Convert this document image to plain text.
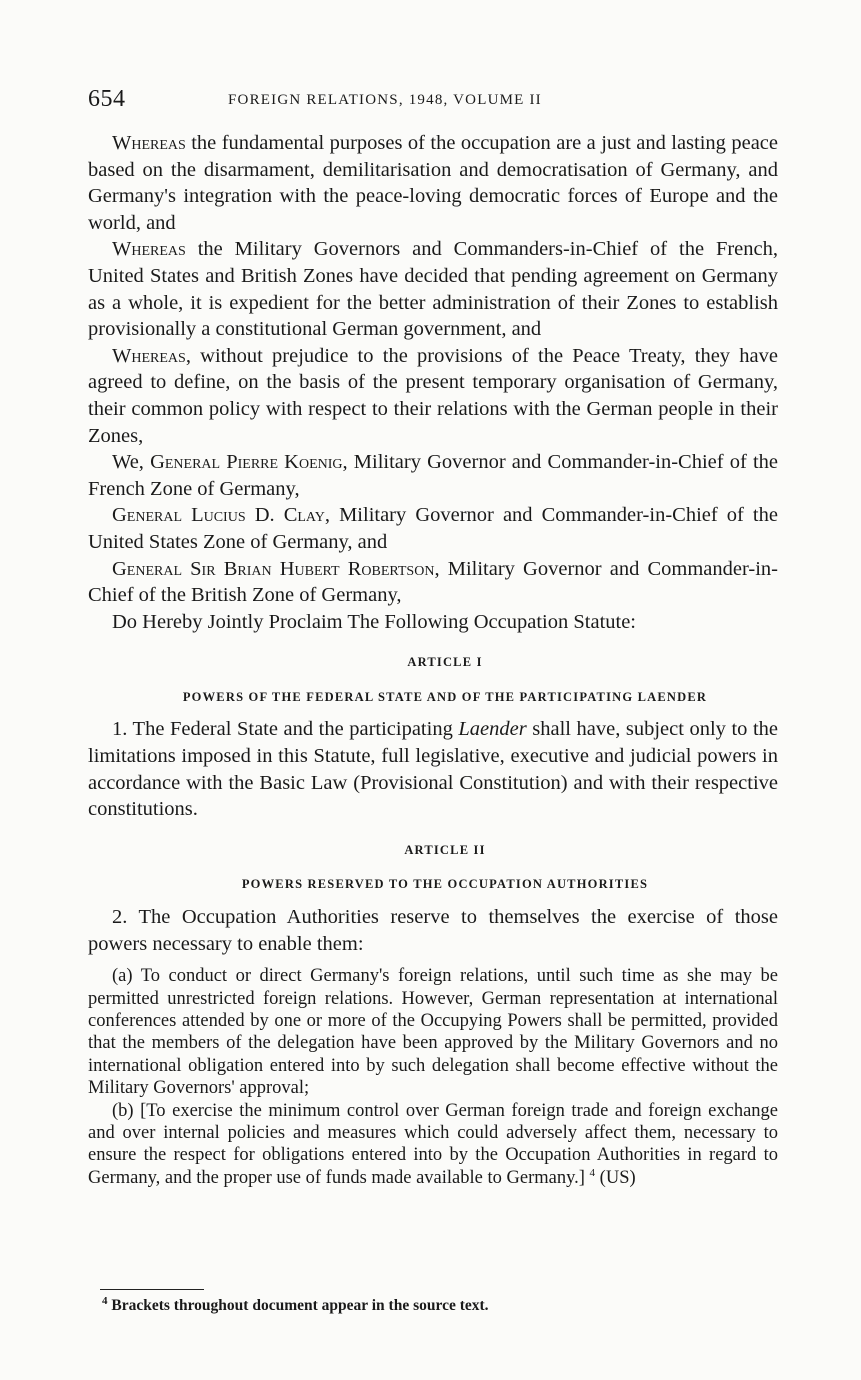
654	FOREIGN RELATIONS, 1948, VOLUME II

Whereas the fundamental purposes of the occupation are a just and lasting peace based on the disarmament, demilitarisation and democratisation of Germany, and Germany's integration with the peace-loving democratic forces of Europe and the world, and

Whereas the Military Governors and Commanders-in-Chief of the French, United States and British Zones have decided that pending agreement on Germany as a whole, it is expedient for the better administration of their Zones to establish provisionally a constitutional German government, and

Whereas, without prejudice to the provisions of the Peace Treaty, they have agreed to define, on the basis of the present temporary organisation of Germany, their common policy with respect to their relations with the German people in their Zones,

We, General Pierre Koenig, Military Governor and Commander-in-Chief of the French Zone of Germany,

General Lucius D. Clay, Military Governor and Commander-in-Chief of the United States Zone of Germany, and

General Sir Brian Hubert Robertson, Military Governor and Commander-in-Chief of the British Zone of Germany,

Do Hereby Jointly Proclaim The Following Occupation Statute:

ARTICLE I

POWERS OF THE FEDERAL STATE AND OF THE PARTICIPATING LAENDER

1. The Federal State and the participating Laender shall have, subject only to the limitations imposed in this Statute, full legislative, executive and judicial powers in accordance with the Basic Law (Provisional Constitution) and with their respective constitutions.

ARTICLE II

POWERS RESERVED TO THE OCCUPATION AUTHORITIES

2. The Occupation Authorities reserve to themselves the exercise of those powers necessary to enable them:

(a) To conduct or direct Germany's foreign relations, until such time as she may be permitted unrestricted foreign relations. However, German representation at international conferences attended by one or more of the Occupying Powers shall be permitted, provided that the members of the delegation have been approved by the Military Governors and no international obligation entered into by such delegation shall become effective without the Military Governors' approval;

(b) [To exercise the minimum control over German foreign trade and foreign exchange and over internal policies and measures which could adversely affect them, necessary to ensure the respect for obligations entered into by the Occupation Authorities in regard to Germany, and the proper use of funds made available to Germany.] $^4$ (US)

$^4$ Brackets throughout document appear in the source text.
